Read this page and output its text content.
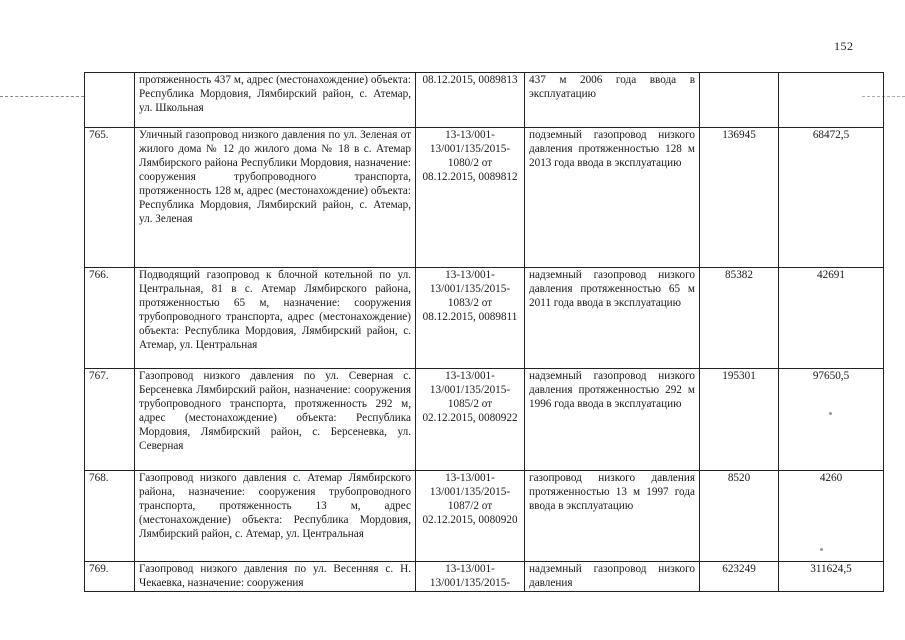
152
	протяженность 437 м, адрес (местонахождение) объекта: Республика Мордовия, Лямбирский район, с. Атемар, ул. Школьная	08.12.2015, 0089813	437 м 2006 года ввода в эксплуатацию		
765.	Уличный газопровод низкого давления по ул. Зеленая от жилого дома № 12 до жилого дома № 18 в с. Атемар Лямбирского района Республики Мордовия, назначение: сооружения трубопроводного транспорта, протяженность 128 м, адрес (местонахождение) объекта: Республика Мордовия, Лямбирский район, с. Атемар, ул. Зеленая	13-13/001-13/001/135/2015-1080/2 от 08.12.2015, 0089812	подземный газопровод низкого давления протяженностью 128 м 2013 года ввода в эксплуатацию	136945	68472,5
766.	Подводящий газопровод к блочной котельной по ул. Центральная, 81 в с. Атемар Лямбирского района, протяженностью 65 м, назначение: сооружения трубопроводного транспорта, адрес (местонахождение) объекта: Республика Мордовия, Лямбирский район, с. Атемар, ул. Центральная	13-13/001-13/001/135/2015-1083/2 от 08.12.2015, 0089811	надземный газопровод низкого давления протяженностью 65 м 2011 года ввода в эксплуатацию	85382	42691
767.	Газопровод низкого давления по ул. Северная с. Берсеневка Лямбирский район, назначение: сооружения трубопроводного транспорта, протяженность 292 м, адрес (местонахождение) объекта: Республика Мордовия, Лямбирский район, с. Берсеневка, ул. Северная	13-13/001-13/001/135/2015-1085/2 от 02.12.2015, 0080922	надземный газопровод низкого давления протяженностью 292 м 1996 года ввода в эксплуатацию	195301	97650,5
768.	Газопровод низкого давления с. Атемар Лямбирского района, назначение: сооружения трубопроводного транспорта, протяженность 13 м, адрес (местонахождение) объекта: Республика Мордовия, Лямбирский район, с. Атемар, ул. Центральная	13-13/001-13/001/135/2015-1087/2 от 02.12.2015, 0080920	газопровод низкого давления протяженностью 13 м 1997 года ввода в эксплуатацию	8520	4260
769.	Газопровод низкого давления по ул. Весенняя с. Н. Чекаевка, назначение: сооружения	13-13/001-13/001/135/2015-	надземный газопровод низкого давления	623249	311624,5
